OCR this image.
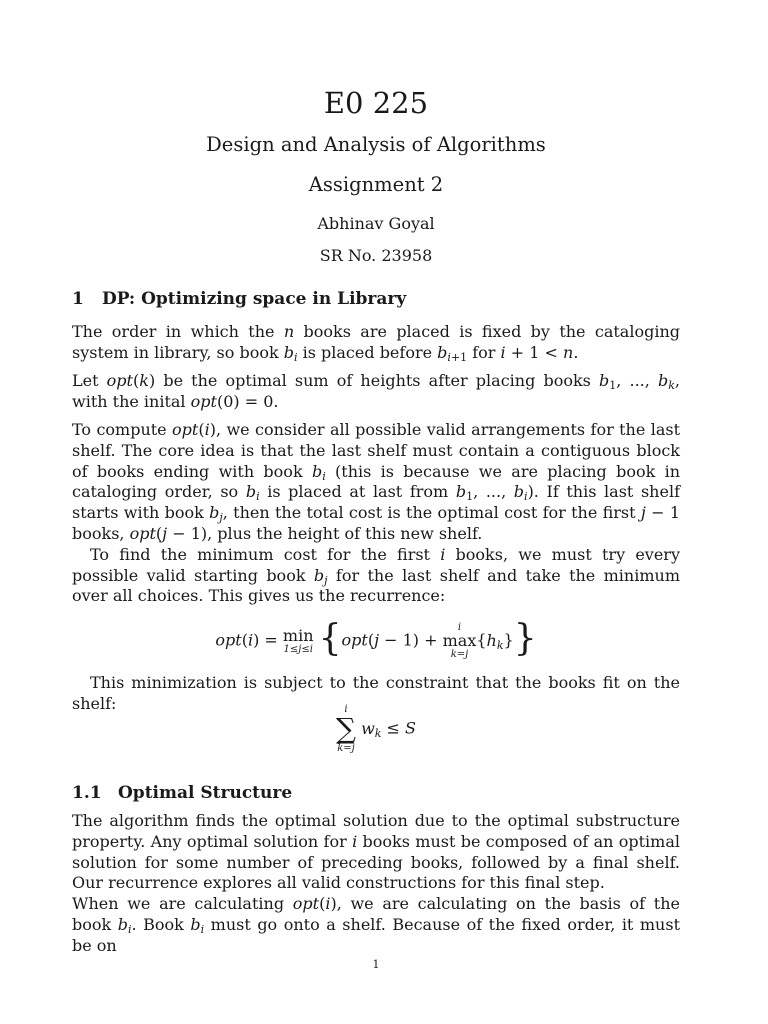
E0 225
Design and Analysis of Algorithms
Assignment 2
Abhinav Goyal
SR No. 23958
1 DP: Optimizing space in Library

The order in which the n books are placed is fixed by the cataloging system in library, so book $b_i$ is placed before $b_{i+1}$ for i + 1 < n.

Let opt(k) be the optimal sum of heights after placing books $b_1$, ..., $b_k$, with the inital opt(0) = 0.

To compute opt(i), we consider all possible valid arrangements for the last shelf. The core idea is that the last shelf must contain a contiguous block of books ending with book $b_i$ (this is because we are placing book in cataloging order, so $b_i$ is placed at last from $b_1$, ..., $b_i$). If this last shelf starts with book $b_j$, then the total cost is the optimal cost for the first j − 1 books, opt(j − 1), plus the height of this new shelf.

To find the minimum cost for the first i books, we must try every possible valid starting book $b_j$ for the last shelf and take the minimum over all choices. This gives us the recurrence:

opt(i) = min
1≤j≤i {opt(j − 1) +
i
max
k=j
$\{h_k\}$}

This minimization is subject to the constraint that the books fit on the shelf:	i
∑
k=j
$w_k \le S$
1.1 Optimal Structure

The algorithm finds the optimal solution due to the optimal substructure property. Any optimal solution for i books must be composed of an optimal solution for some number of preceding books, followed by a final shelf. Our recurrence explores all valid constructions for this final step.

When we are calculating opt(i), we are calculating on the basis of the book $b_i$. Book $b_i$ must go onto a shelf. Because of the fixed order, it must be on

1
